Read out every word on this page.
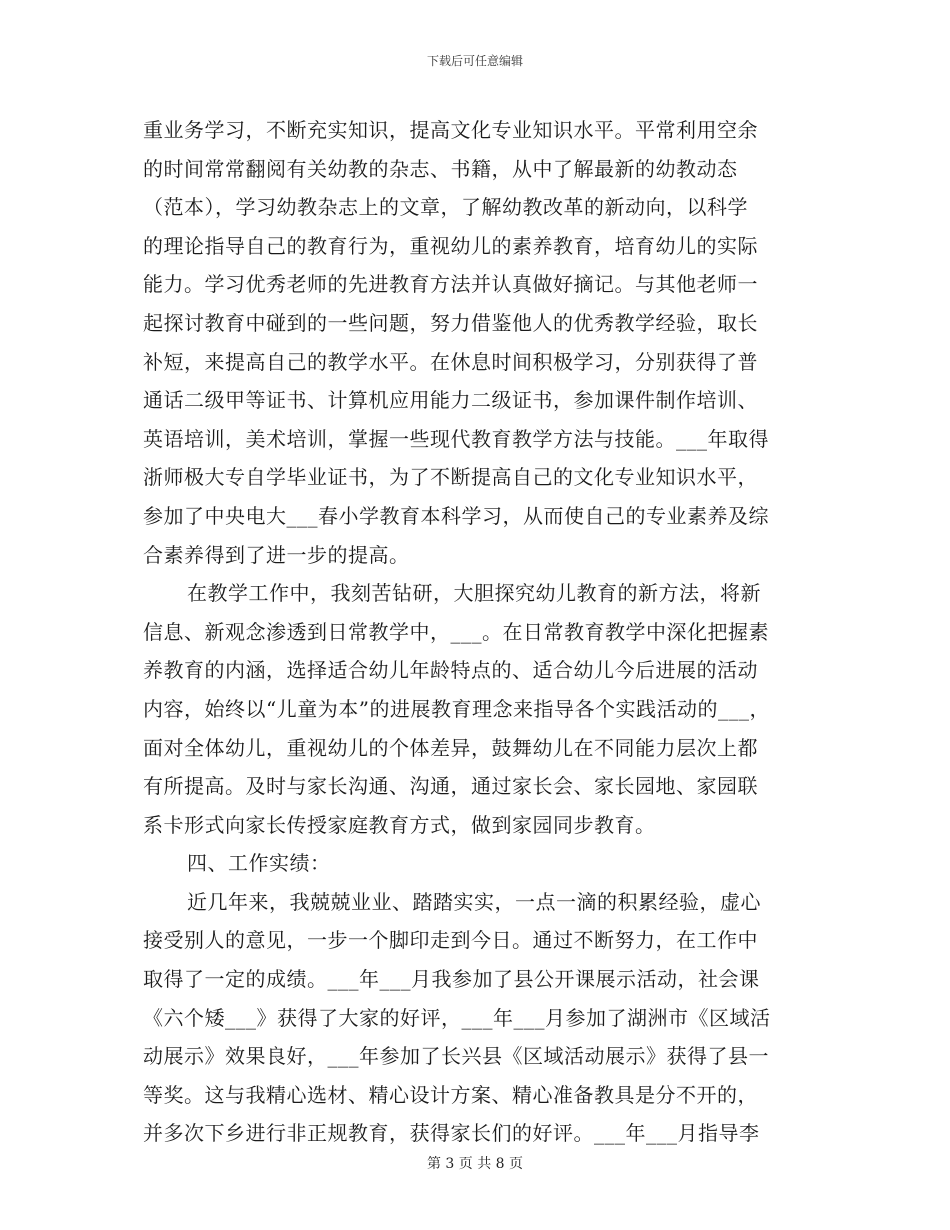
下载后可任意编辑
重业务学习，不断充实知识，提高文化专业知识水平。平常利用空余
的时间常常翻阅有关幼教的杂志、书籍，从中了解最新的幼教动态
（范本），学习幼教杂志上的文章，了解幼教改革的新动向，以科学
的理论指导自己的教育行为，重视幼儿的素养教育，培育幼儿的实际
能力。学习优秀老师的先进教育方法并认真做好摘记。与其他老师一
起探讨教育中碰到的一些问题，努力借鉴他人的优秀教学经验，取长
补短，来提高自己的教学水平。在休息时间积极学习，分别获得了普
通话二级甲等证书、计算机应用能力二级证书，参加课件制作培训、
英语培训，美术培训，掌握一些现代教育教学方法与技能。___年取得
浙师极大专自学毕业证书，为了不断提高自己的文化专业知识水平，
参加了中央电大___春小学教育本科学习，从而使自己的专业素养及综
合素养得到了进一步的提高。
在教学工作中，我刻苦钻研，大胆探究幼儿教育的新方法，将新
信息、新观念渗透到日常教学中，___。在日常教育教学中深化把握素
养教育的内涵，选择适合幼儿年龄特点的、适合幼儿今后进展的活动
内容，始终以“儿童为本”的进展教育理念来指导各个实践活动的___，
面对全体幼儿，重视幼儿的个体差异，鼓舞幼儿在不同能力层次上都
有所提高。及时与家长沟通、沟通，通过家长会、家长园地、家园联
系卡形式向家长传授家庭教育方式，做到家园同步教育。
四、工作实绩：
近几年来，我兢兢业业、踏踏实实，一点一滴的积累经验，虚心
接受别人的意见，一步一个脚印走到今日。通过不断努力，在工作中
取得了一定的成绩。___年___月我参加了县公开课展示活动，社会课
《六个矮___》获得了大家的好评，___年___月参加了湖洲市《区域活
动展示》效果良好，___年参加了长兴县《区域活动展示》获得了县一
等奖。这与我精心选材、精心设计方案、精心准备教具是分不开的，
并多次下乡进行非正规教育，获得家长们的好评。___年___月指导李
第 3 页 共 8 页
